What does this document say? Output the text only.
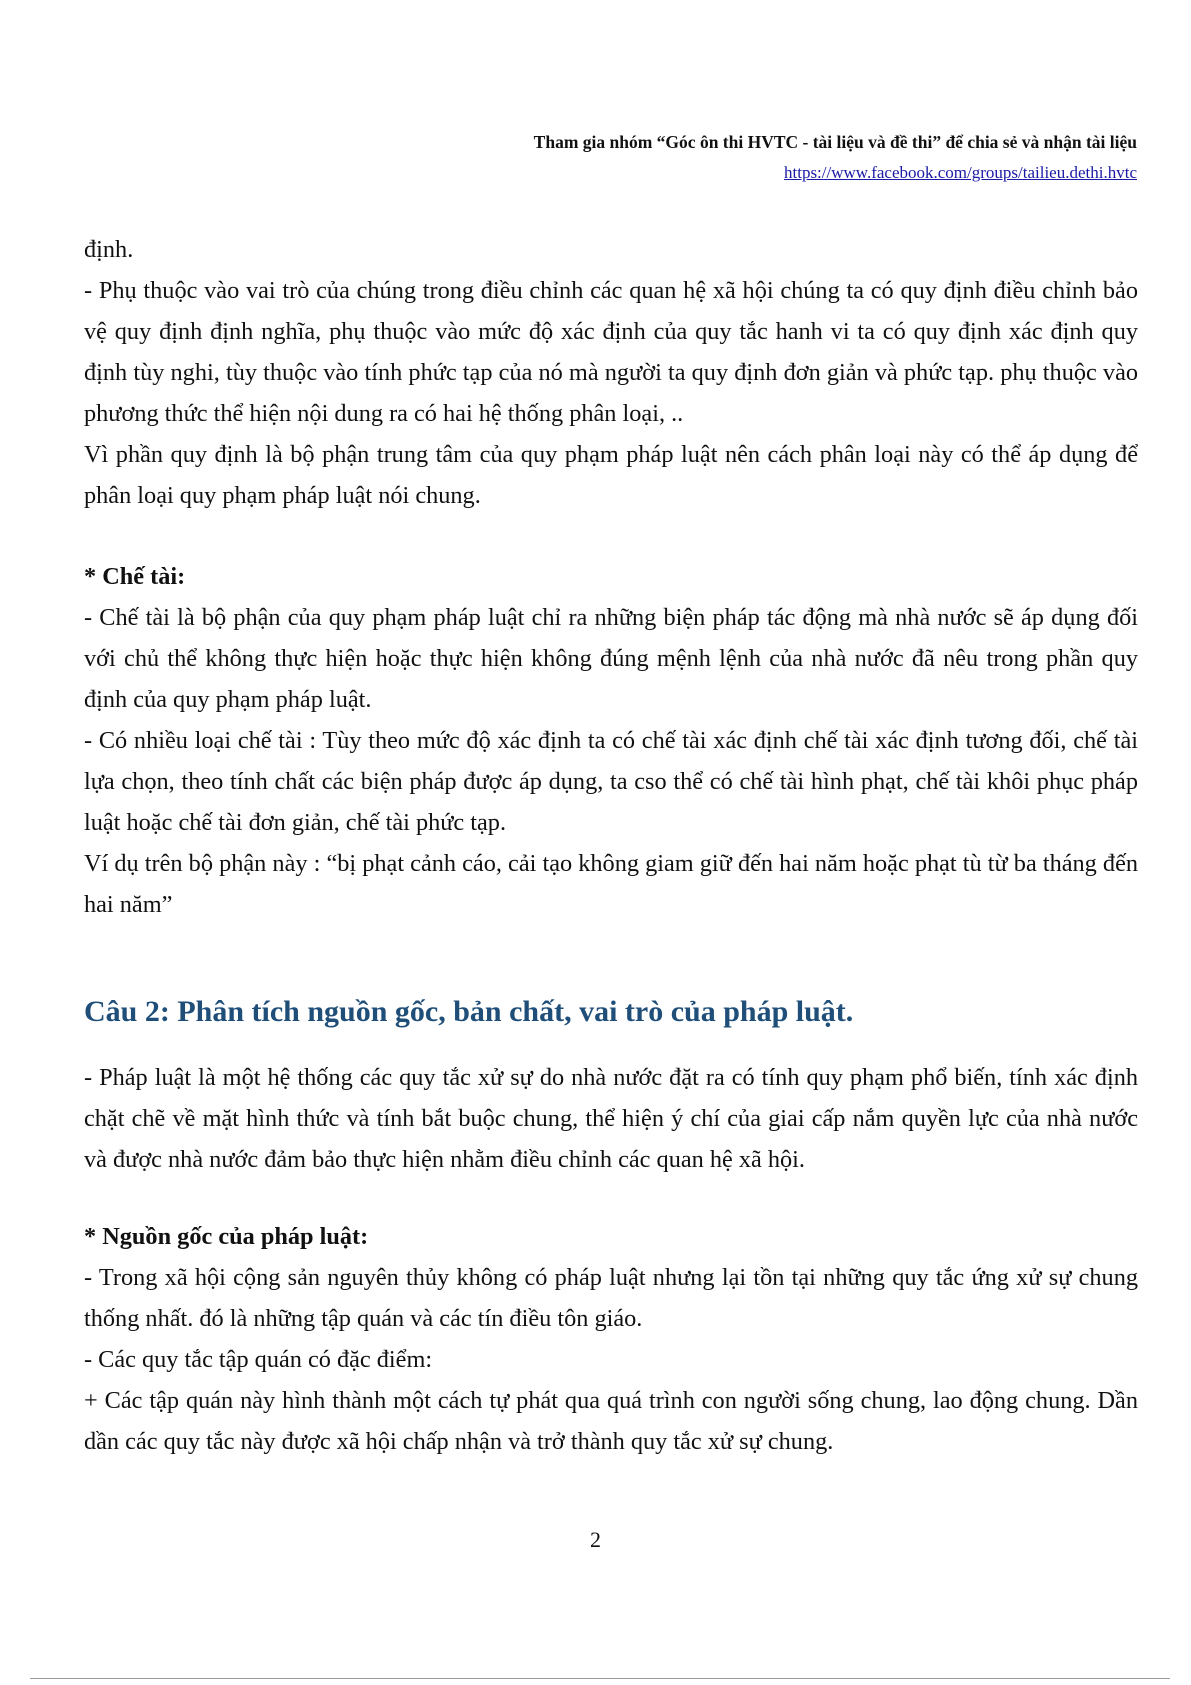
Tham gia nhóm “Góc ôn thi HVTC - tài liệu và đề thi” để chia sẻ và nhận tài liệu

https://www.facebook.com/groups/tailieu.dethi.hvtc

định.

- Phụ thuộc vào vai trò của chúng trong điều chỉnh các quan hệ xã hội chúng ta có quy định điều chỉnh bảo vệ quy định định nghĩa, phụ thuộc vào mức độ xác định của quy tắc hanh vi ta có quy định xác định quy định tùy nghi, tùy thuộc vào tính phức tạp của nó mà người ta quy định đơn giản và phức tạp. phụ thuộc vào phương thức thể hiện nội dung ra có hai hệ thống phân loại, ..

Vì phần quy định là bộ phận trung tâm của quy phạm pháp luật nên cách phân loại này có thể áp dụng để phân loại quy phạm pháp luật nói chung.

* Chế tài:

- Chế tài là bộ phận của quy phạm pháp luật chỉ ra những biện pháp tác động mà nhà nước sẽ áp dụng đối với chủ thể không thực hiện hoặc thực hiện không đúng mệnh lệnh của nhà nước đã nêu trong phần quy định của quy phạm pháp luật.

- Có nhiều loại chế tài : Tùy theo mức độ xác định ta có chế tài xác định chế tài xác định tương đối, chế tài lựa chọn, theo tính chất các biện pháp được áp dụng, ta cso thể có chế tài hình phạt, chế tài khôi phục pháp luật hoặc chế tài đơn giản, chế tài phức tạp.

Ví dụ trên bộ phận này : “bị phạt cảnh cáo, cải tạo không giam giữ đến hai năm hoặc phạt tù từ ba tháng đến hai năm”

Câu 2: Phân tích nguồn gốc, bản chất, vai trò của pháp luật.

- Pháp luật là một hệ thống các quy tắc xử sự do nhà nước đặt ra có tính quy phạm phổ biến, tính xác định chặt chẽ về mặt hình thức và tính bắt buộc chung, thể hiện ý chí của giai cấp nắm quyền lực của nhà nước và được nhà nước đảm bảo thực hiện nhằm điều chỉnh các quan hệ xã hội.

* Nguồn gốc của pháp luật:

- Trong xã hội cộng sản nguyên thủy không có pháp luật nhưng lại tồn tại những quy tắc ứng xử sự chung thống nhất. đó là những tập quán và các tín điều tôn giáo.

- Các quy tắc tập quán có đặc điểm:

+ Các tập quán này hình thành một cách tự phát qua quá trình con người sống chung, lao động chung. Dần dần các quy tắc này được xã hội chấp nhận và trở thành quy tắc xử sự chung.

2
